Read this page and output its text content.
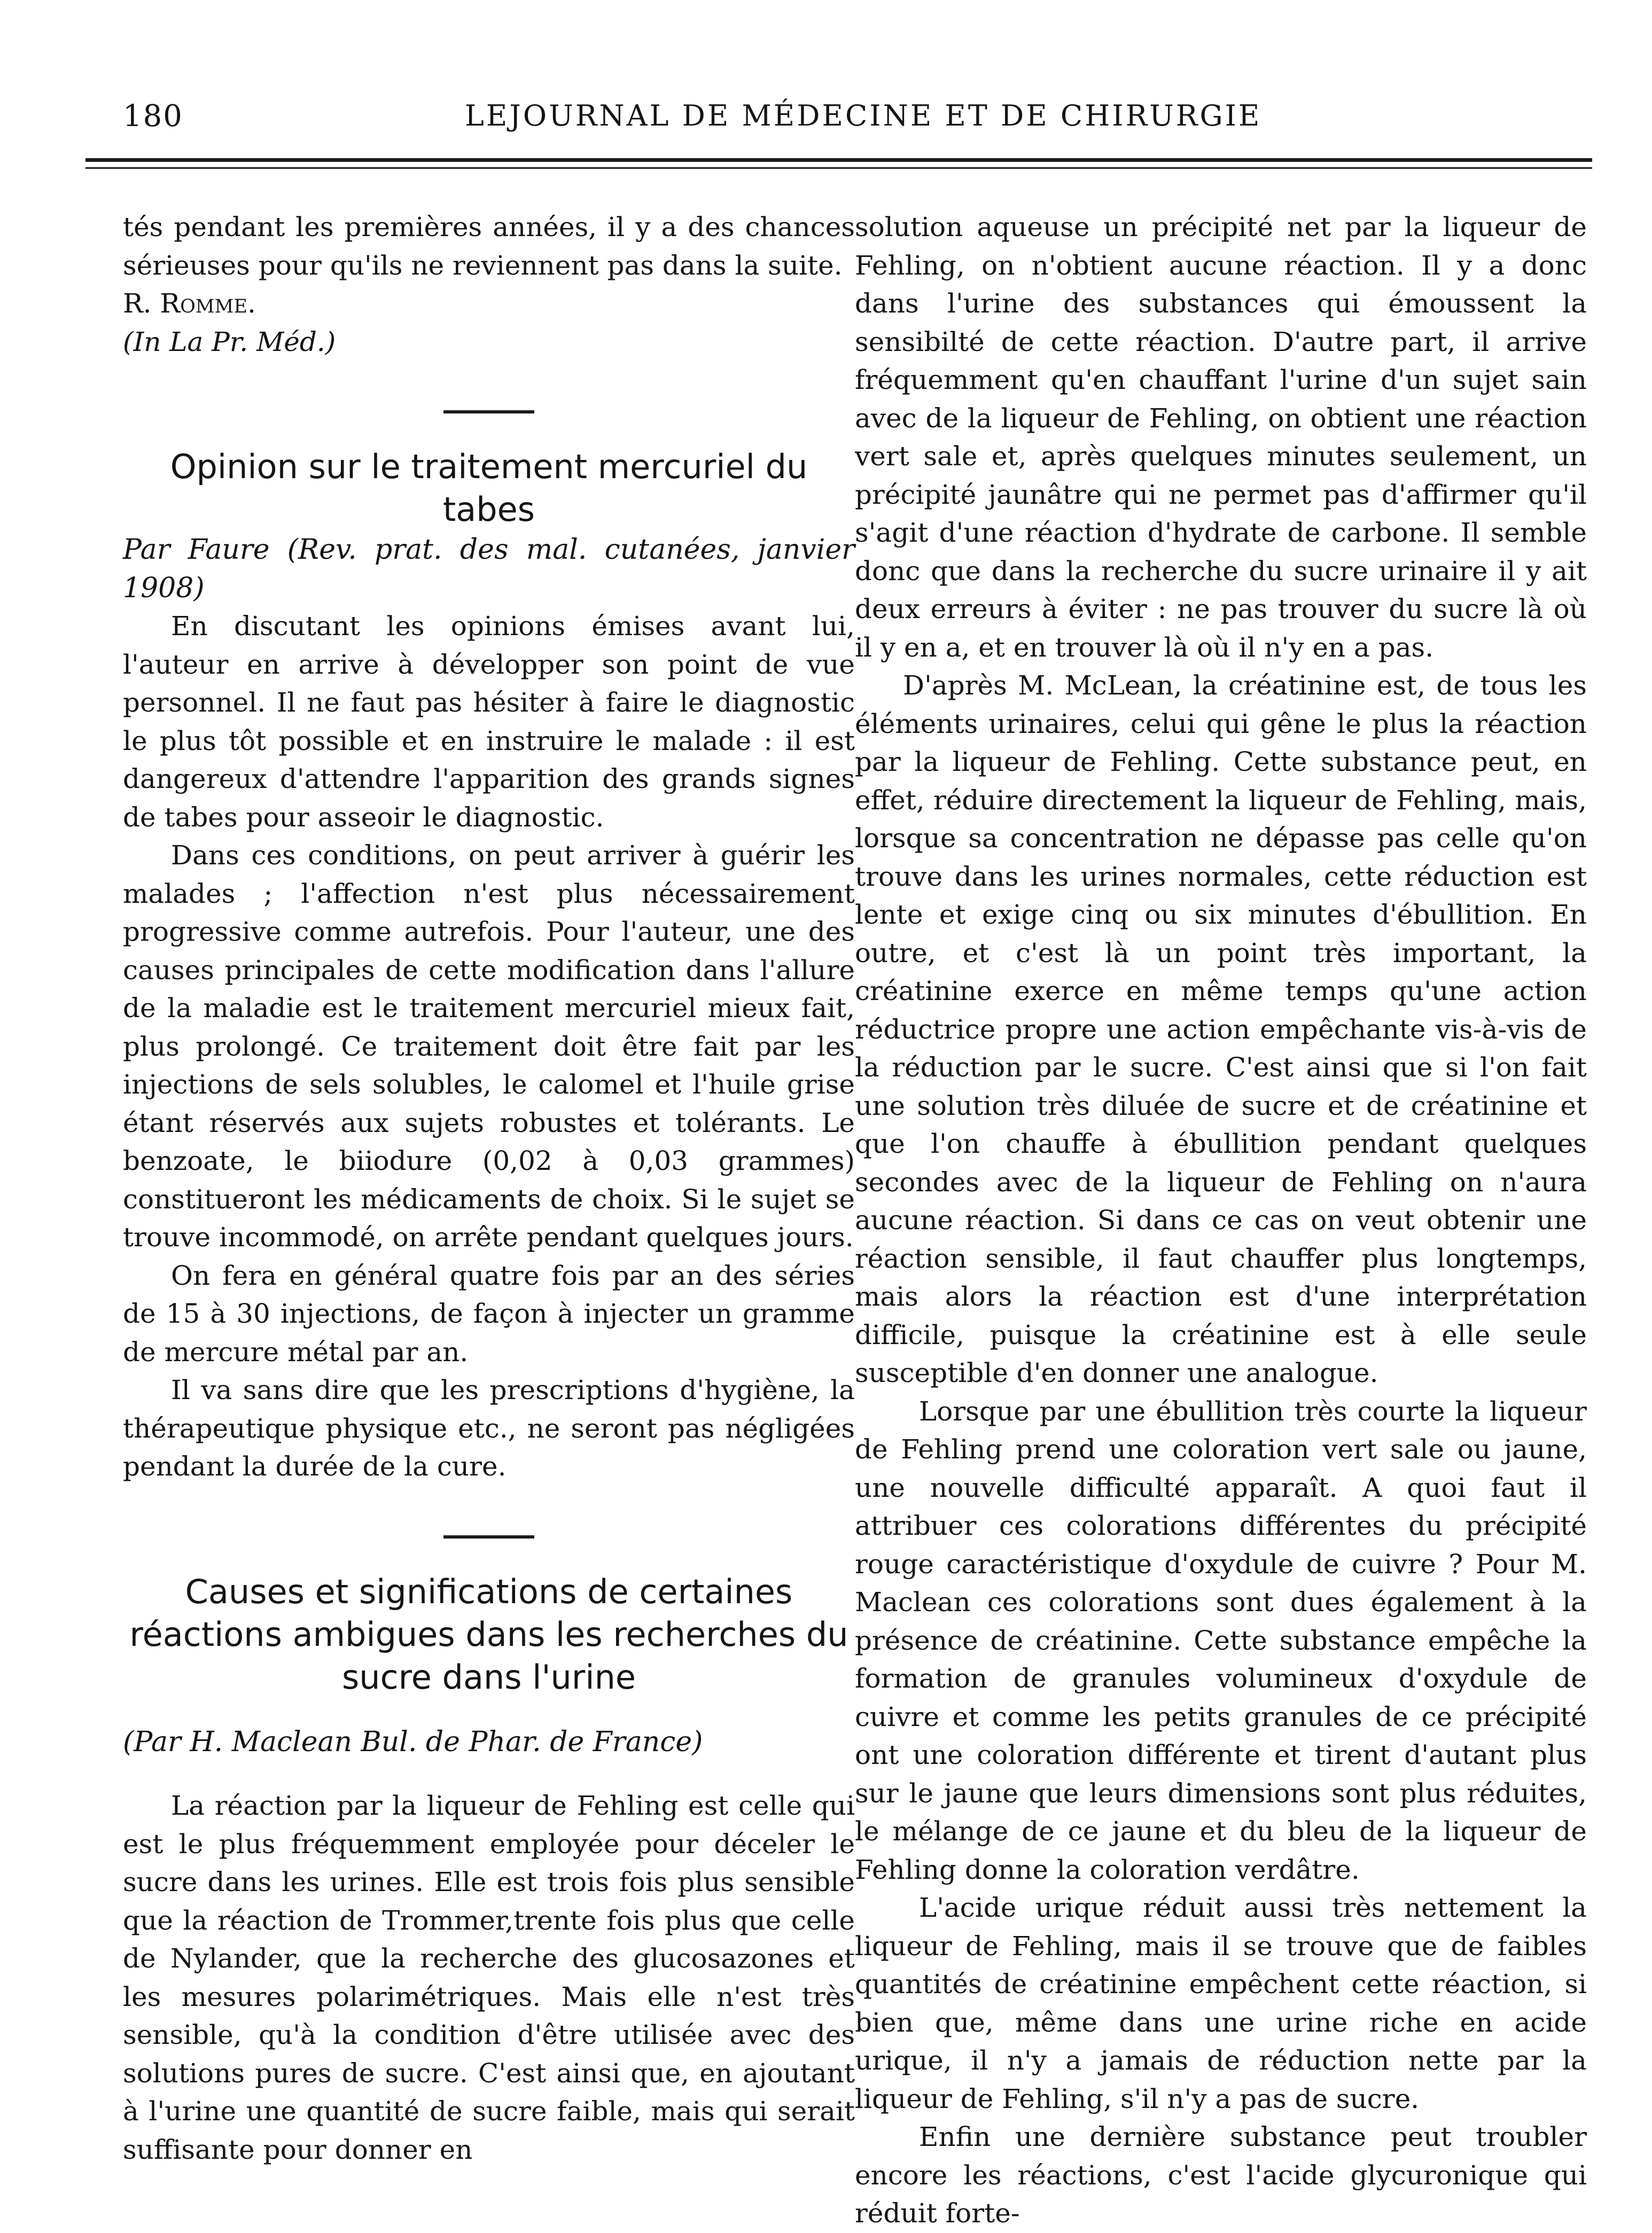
180	LEJOURNAL DE MÉDECINE ET DE CHIRURGIE

tés pendant les premières années, il y a des chances sérieuses pour qu'ils ne reviennent pas dans la suite.

R. Romme.

(In La Pr. Méd.)

Opinion sur le traitement mercuriel du tabes

Par Faure (Rev. prat. des mal. cutanées, janvier 1908)

En discutant les opinions émises avant lui, l'auteur en arrive à développer son point de vue personnel. Il ne faut pas hésiter à faire le diagnostic le plus tôt possible et en instruire le malade : il est dangereux d'attendre l'apparition des grands signes de tabes pour asseoir le diagnostic.

Dans ces conditions, on peut arriver à guérir les malades ; l'affection n'est plus nécessairement progressive comme autrefois. Pour l'auteur, une des causes principales de cette modification dans l'allure de la maladie est le traitement mercuriel mieux fait, plus prolongé. Ce traitement doit être fait par les injections de sels solubles, le calomel et l'huile grise étant réservés aux sujets robustes et tolérants. Le benzoate, le biiodure (0,02 à 0,03 grammes) constitueront les médicaments de choix. Si le sujet se trouve incommodé, on arrête pendant quelques jours.

On fera en général quatre fois par an des séries de 15 à 30 injections, de façon à injecter un gramme de mercure métal par an.

Il va sans dire que les prescriptions d'hygiène, la thérapeutique physique etc., ne seront pas négligées pendant la durée de la cure.

Causes et significations de certaines réactions ambigues dans les recherches du sucre dans l'urine

(Par H. Maclean Bul. de Phar. de France)

La réaction par la liqueur de Fehling est celle qui est le plus fréquemment employée pour déceler le sucre dans les urines. Elle est trois fois plus sensible que la réaction de Trommer,trente fois plus que celle de Nylander, que la recherche des glucosazones et les mesures polarimétriques. Mais elle n'est très sensible, qu'à la condition d'être utilisée avec des solutions pures de sucre. C'est ainsi que, en ajoutant à l'urine une quantité de sucre faible, mais qui serait suffisante pour donner en

solution aqueuse un précipité net par la liqueur de Fehling, on n'obtient aucune réaction. Il y a donc dans l'urine des substances qui émoussent la sensibilté de cette réaction. D'autre part, il arrive fréquemment qu'en chauffant l'urine d'un sujet sain avec de la liqueur de Fehling, on obtient une réaction vert sale et, après quelques minutes seulement, un précipité jaunâtre qui ne permet pas d'affirmer qu'il s'agit d'une réaction d'hydrate de carbone. Il semble donc que dans la recherche du sucre urinaire il y ait deux erreurs à éviter : ne pas trouver du sucre là où il y en a, et en trouver là où il n'y en a pas.

D'après M. McLean, la créatinine est, de tous les éléments urinaires, celui qui gêne le plus la réaction par la liqueur de Fehling. Cette substance peut, en effet, réduire directement la liqueur de Fehling, mais, lorsque sa concentration ne dépasse pas celle qu'on trouve dans les urines normales, cette réduction est lente et exige cinq ou six minutes d'ébullition. En outre, et c'est là un point très important, la créatinine exerce en même temps qu'une action réductrice propre une action empêchante vis-à-vis de la réduction par le sucre. C'est ainsi que si l'on fait une solution très diluée de sucre et de créatinine et que l'on chauffe à ébullition pendant quelques secondes avec de la liqueur de Fehling on n'aura aucune réaction. Si dans ce cas on veut obtenir une réaction sensible, il faut chauffer plus longtemps, mais alors la réaction est d'une interprétation difficile, puisque la créatinine est à elle seule susceptible d'en donner une analogue.

Lorsque par une ébullition très courte la liqueur de Fehling prend une coloration vert sale ou jaune, une nouvelle difficulté apparaît. A quoi faut il attribuer ces colorations différentes du précipité rouge caractéristique d'oxydule de cuivre ? Pour M. Maclean ces colorations sont dues également à la présence de créatinine. Cette substance empêche la formation de granules volumineux d'oxydule de cuivre et comme les petits granules de ce précipité ont une coloration différente et tirent d'autant plus sur le jaune que leurs dimensions sont plus réduites, le mélange de ce jaune et du bleu de la liqueur de Fehling donne la coloration verdâtre.

L'acide urique réduit aussi très nettement la liqueur de Fehling, mais il se trouve que de faibles quantités de créatinine empêchent cette réaction, si bien que, même dans une urine riche en acide urique, il n'y a jamais de réduction nette par la liqueur de Fehling, s'il n'y a pas de sucre.

Enfin une dernière substance peut troubler encore les réactions, c'est l'acide glycuronique qui réduit forte-
